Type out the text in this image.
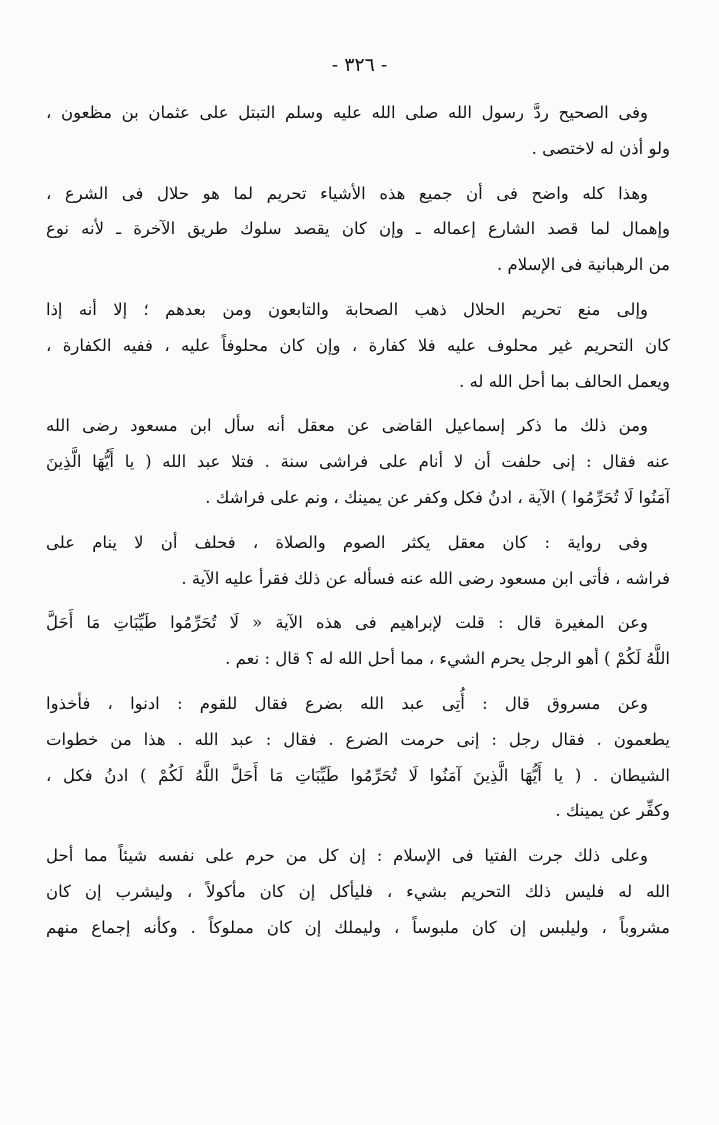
- ٣٢٦ -
وفى الصحيح ردَّ رسول الله صلى الله عليه وسلم التبتل على عثمان بن مظعون ،
ولو أذن له لاختصى .
وهذا كله واضح فى أن جميع هذه الأشياء تحريم لما هو حلال فى الشرع ،
وإهمال لما قصد الشارع إعماله ـ وإن كان يقصد سلوك طريق الآخرة ـ لأنه نوع
من الرهبانية فى الإسلام .
وإلى منع تحريم الحلال ذهب الصحابة والتابعون ومن بعدهم ؛ إلا أنه إذا
كان التحريم غير محلوف عليه فلا كفارة ، وإن كان محلوفاً عليه ، ففيه الكفارة ،
ويعمل الحالف بما أحل الله له .
ومن ذلك ما ذكر إسماعيل القاضى عن معقل أنه سأل ابن مسعود رضى الله
عنه فقال : إنى حلفت أن لا أنام على فراشى سنة . فتلا عبد الله ( يا أَيُّهَا الَّذِينَ
آمَنُوا لَا تُحَرِّمُوا ) الآية ، ادنُ فكل وكفر عن يمينك ، ونم على فراشك .
وفى رواية : كان معقل يكثر الصوم والصلاة ، فحلف أن لا ينام على
فراشه ، فأتى ابن مسعود رضى الله عنه فسأله عن ذلك فقرأ عليه الآية .
وعن المغيرة قال : قلت لإبراهيم فى هذه الآية « لَا تُحَرِّمُوا طَيِّبَاتِ مَا أَحَلَّ
اللَّهُ لَكُمْ ) أهو الرجل يحرم الشيء ، مما أحل الله له ؟ قال : نعم .
وعن مسروق قال : أُتِى عبد الله بضرع فقال للقوم : ادنوا ، فأخذوا
يطعمون . فقال رجل : إنى حرمت الضرع . فقال : عبد الله . هذا من خطوات
الشيطان . ( يا أَيُّهَا الَّذِينَ آمَنُوا لَا تُحَرِّمُوا طَيِّبَاتِ مَا أَحَلَّ اللَّهُ لَكُمْ ) ادنُ فكل ،
وكفِّر عن يمينك .
وعلى ذلك جرت الفتيا فى الإسلام : إن كل من حرم على نفسه شيئاً مما أحل
الله له فليس ذلك التحريم بشيء ، فليأكل إن كان مأكولاً ، وليشرب إن كان
مشروباً ، وليلبس إن كان ملبوساً ، وليملك إن كان مملوكاً . وكأنه إجماع منهم
